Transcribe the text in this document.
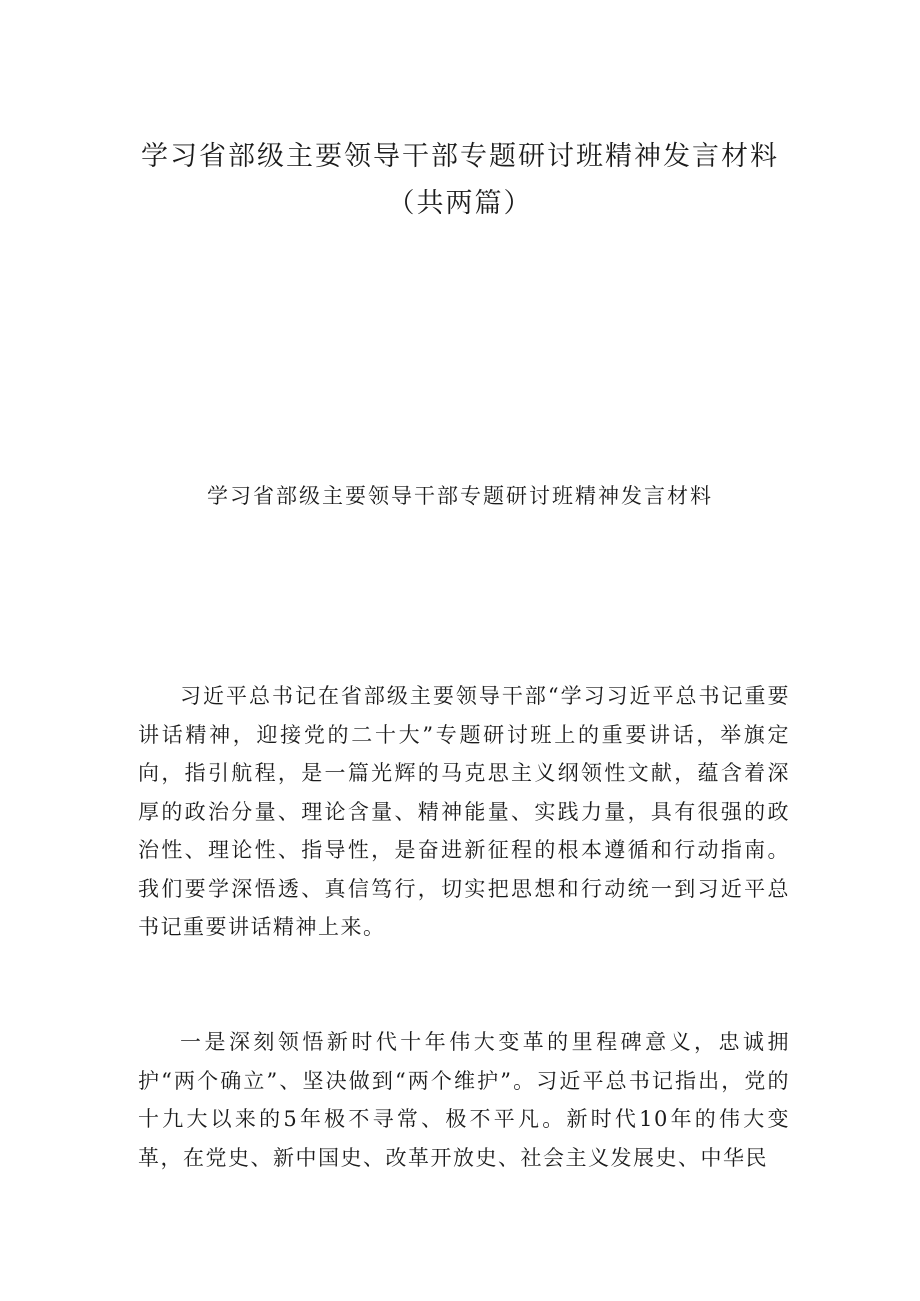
学习省部级主要领导干部专题研讨班精神发言材料
（共两篇）
学习省部级主要领导干部专题研讨班精神发言材料

习近平总书记在省部级主要领导干部“学习习近平总书记重要讲话精神，迎接党的二十大”专题研讨班上的重要讲话，举旗定向，指引航程，是一篇光辉的马克思主义纲领性文献，蕴含着深厚的政治分量、理论含量、精神能量、实践力量，具有很强的政治性、理论性、指导性，是奋进新征程的根本遵循和行动指南。我们要学深悟透、真信笃行，切实把思想和行动统一到习近平总书记重要讲话精神上来。

一是深刻领悟新时代十年伟大变革的里程碑意义，忠诚拥护“两个确立”、坚决做到“两个维护”。习近平总书记指出，党的十九大以来的5年极不寻常、极不平凡。新时代10年的伟大变革，在党史、新中国史、改革开放史、社会主义发展史、中华民
